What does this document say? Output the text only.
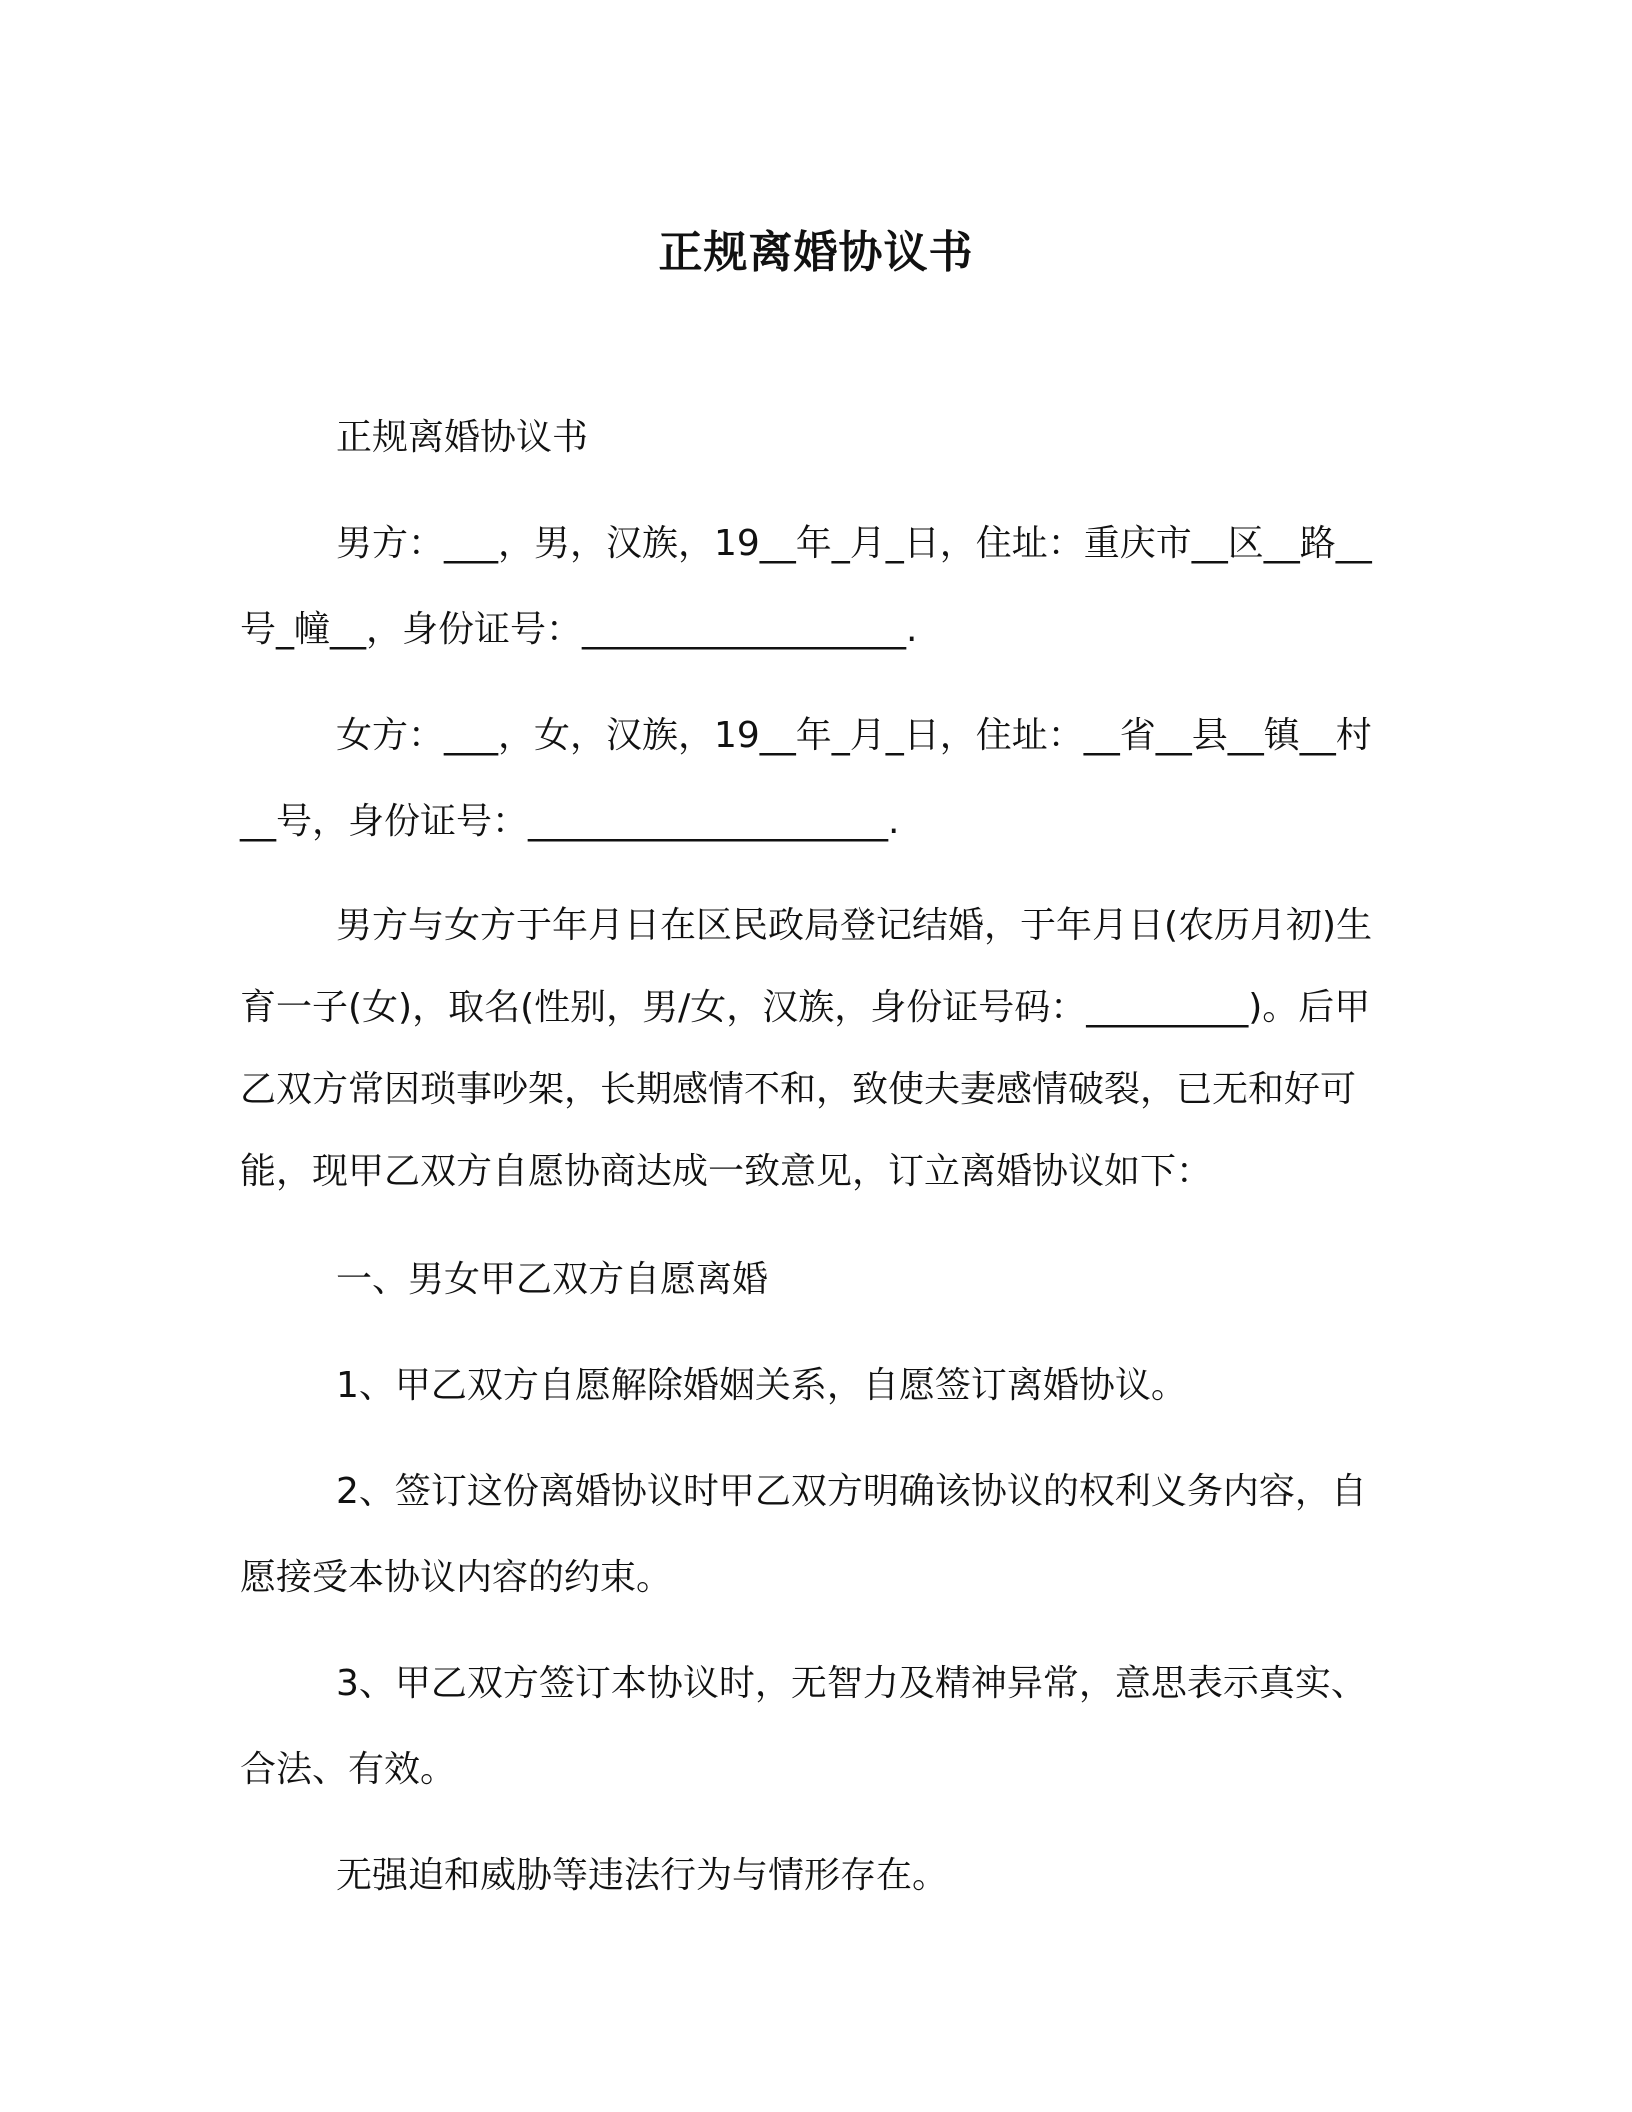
正规离婚协议书

正规离婚协议书

男方：___，男，汉族，19__年_月_日，住址：重庆市__区__路__号_幢__，身份证号：__________________.

女方：___，女，汉族，19__年_月_日，住址：__省__县__镇__村__号，身份证号：____________________.

男方与女方于年月日在区民政局登记结婚，于年月日(农历月初)生育一子(女)，取名(性别，男/女，汉族，身份证号码：_________)。后甲乙双方常因琐事吵架，长期感情不和，致使夫妻感情破裂，已无和好可能，现甲乙双方自愿协商达成一致意见，订立离婚协议如下：

一、男女甲乙双方自愿离婚

1、甲乙双方自愿解除婚姻关系，自愿签订离婚协议。

2、签订这份离婚协议时甲乙双方明确该协议的权利义务内容，自愿接受本协议内容的约束。

3、甲乙双方签订本协议时，无智力及精神异常，意思表示真实、合法、有效。

无强迫和威胁等违法行为与情形存在。
